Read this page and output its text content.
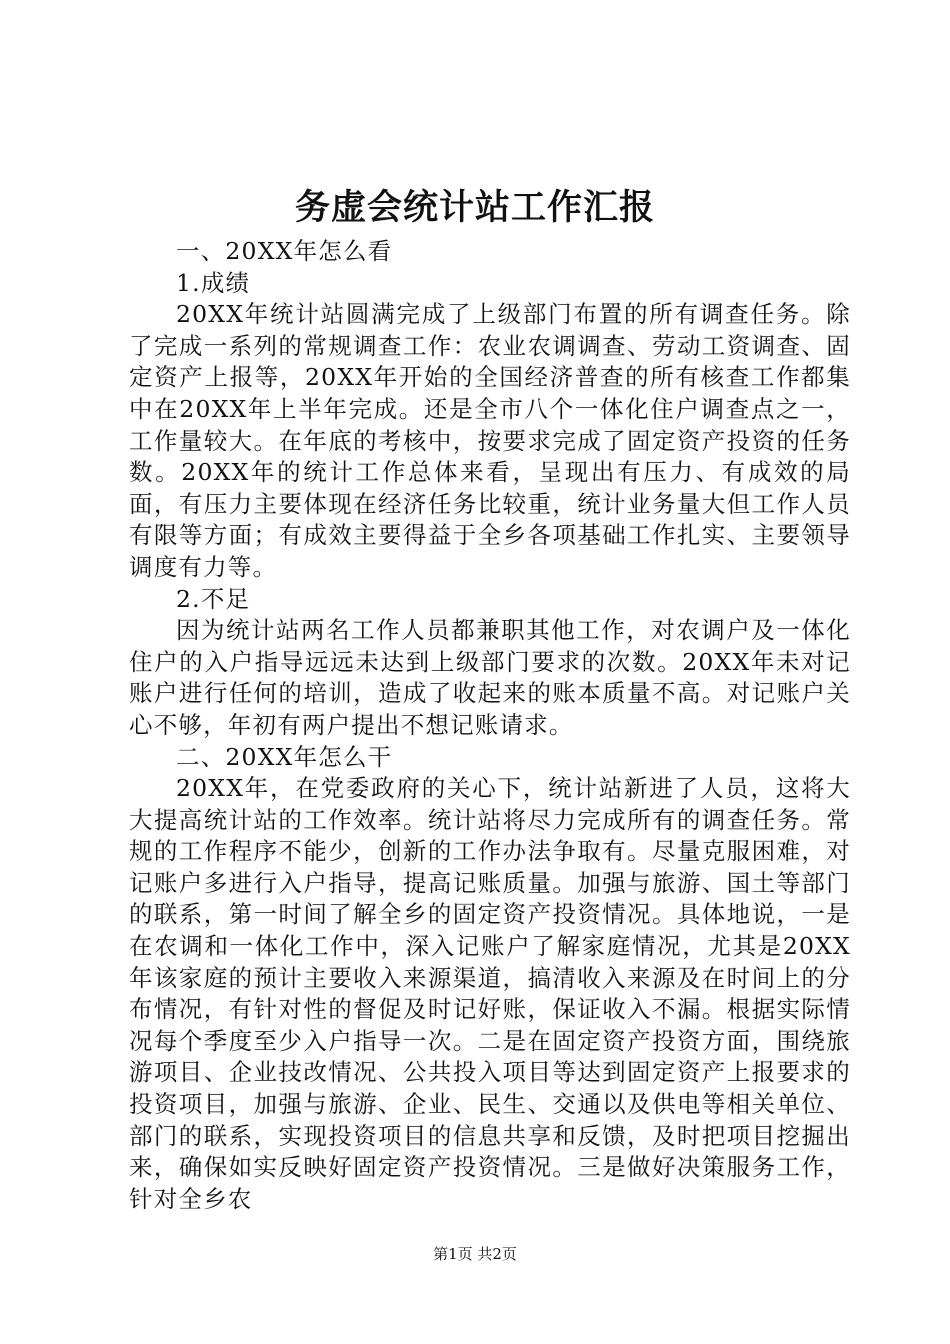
务虚会统计站工作汇报

一、20XX年怎么看

1.成绩

20XX年统计站圆满完成了上级部门布置的所有调查任务。除了完成一系列的常规调查工作：农业农调调查、劳动工资调查、固定资产上报等，20XX年开始的全国经济普查的所有核查工作都集中在20XX年上半年完成。还是全市八个一体化住户调查点之一，工作量较大。在年底的考核中，按要求完成了固定资产投资的任务数。20XX年的统计工作总体来看，呈现出有压力、有成效的局面，有压力主要体现在经济任务比较重，统计业务量大但工作人员有限等方面；有成效主要得益于全乡各项基础工作扎实、主要领导调度有力等。

2.不足

因为统计站两名工作人员都兼职其他工作，对农调户及一体化住户的入户指导远远未达到上级部门要求的次数。20XX年未对记账户进行任何的培训，造成了收起来的账本质量不高。对记账户关心不够，年初有两户提出不想记账请求。

二、20XX年怎么干

20XX年，在党委政府的关心下，统计站新进了人员，这将大大提高统计站的工作效率。统计站将尽力完成所有的调查任务。常规的工作程序不能少，创新的工作办法争取有。尽量克服困难，对记账户多进行入户指导，提高记账质量。加强与旅游、国土等部门的联系，第一时间了解全乡的固定资产投资情况。具体地说，一是在农调和一体化工作中，深入记账户了解家庭情况，尤其是20XX年该家庭的预计主要收入来源渠道，搞清收入来源及在时间上的分布情况，有针对性的督促及时记好账，保证收入不漏。根据实际情况每个季度至少入户指导一次。二是在固定资产投资方面，围绕旅游项目、企业技改情况、公共投入项目等达到固定资产上报要求的投资项目，加强与旅游、企业、民生、交通以及供电等相关单位、部门的联系，实现投资项目的信息共享和反馈，及时把项目挖掘出来，确保如实反映好固定资产投资情况。三是做好决策服务工作，针对全乡农

第1页 共2页
